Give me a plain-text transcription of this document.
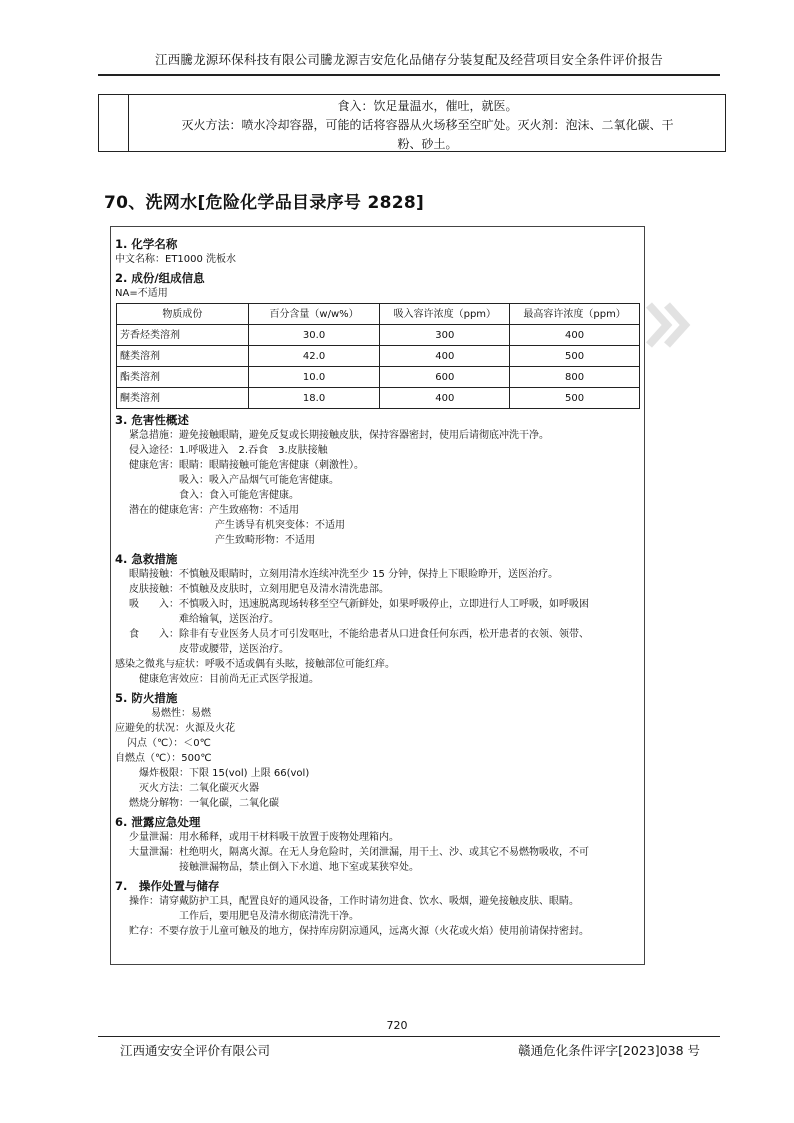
江西騰龙源环保科技有限公司騰龙源吉安危化品储存分装复配及经营项目安全条件评价报告
食入：饮足量温水，催吐，就医。
灭火方法：喷水冷却容器，可能的话将容器从火场移至空旷处。灭火剂：泡沫、二氧化碳、干
粉、砂土。
70、洗网水[危险化学品目录序号 2828]
1. 化学名称
中文名称：ET1000 洗板水
2. 成份/组成信息
NA=不适用
物质成份	百分含量（w/w%）	吸入容许浓度（ppm）	最高容许浓度（ppm）
芳香烃类溶剂	30.0	300	400
醚类溶剂	42.0	400	500
酯类溶剂	10.0	600	800
酮类溶剂	18.0	400	500
3. 危害性概述
紧急措施：避免接触眼睛，避免反复或长期接触皮肤，保持容器密封，使用后请彻底冲洗干净。
侵入途径：1.呼吸进入　2.吞食　3.皮肤接触
健康危害：眼睛：眼睛接触可能危害健康（刺激性）。
吸入：吸入产品烟气可能危害健康。
食入：食入可能危害健康。
潜在的健康危害：产生致癌物：不适用
产生诱导有机突变体：不适用
产生致畸形物：不适用
4. 急救措施
眼睛接触：不慎触及眼睛时，立刻用清水连续冲洗至少 15 分钟，保持上下眼睑睁开，送医治疗。
皮肤接触：不慎触及皮肤时，立刻用肥皂及清水清洗患部。
吸　　入：不慎吸入时，迅速脱离现场转移至空气新鲜处，如果呼吸停止，立即进行人工呼吸，如呼吸困
难给输氧，送医治疗。
食　　入：除非有专业医务人员才可引发呕吐，不能给患者从口进食任何东西，松开患者的衣领、领带、
皮带或腰带，送医治疗。
感染之微兆与症状：呼吸不适或偶有头眩，接触部位可能红痒。
健康危害效应：目前尚无正式医学报道。
5. 防火措施
易燃性：易燃
应避免的状况：火源及火花
闪点（℃）：＜0℃
自燃点（℃）：500℃
爆炸极限：下限 15(vol) 上限 66(vol)
灭火方法：二氧化碳灭火器
燃烧分解物：一氧化碳，二氧化碳
6. 泄露应急处理
少量泄漏：用水稀释，或用干材料吸干放置于废物处理箱内。
大量泄漏：杜绝明火，隔离火源。在无人身危险时，关闭泄漏，用干土、沙、或其它不易燃物吸收，不可
接触泄漏物品，禁止倒入下水道、地下室或某狭窄处。
7.　操作处置与储存
操作：请穿戴防护工具，配置良好的通风设备，工作时请勿进食、饮水、吸烟，避免接触皮肤、眼睛。
工作后，要用肥皂及清水彻底清洗干净。
贮存：不要存放于儿童可触及的地方，保持库房阴凉通风，远离火源（火花或火焰）使用前请保持密封。
720
江西通安安全评价有限公司	赣通危化条件评字[2023]038 号
